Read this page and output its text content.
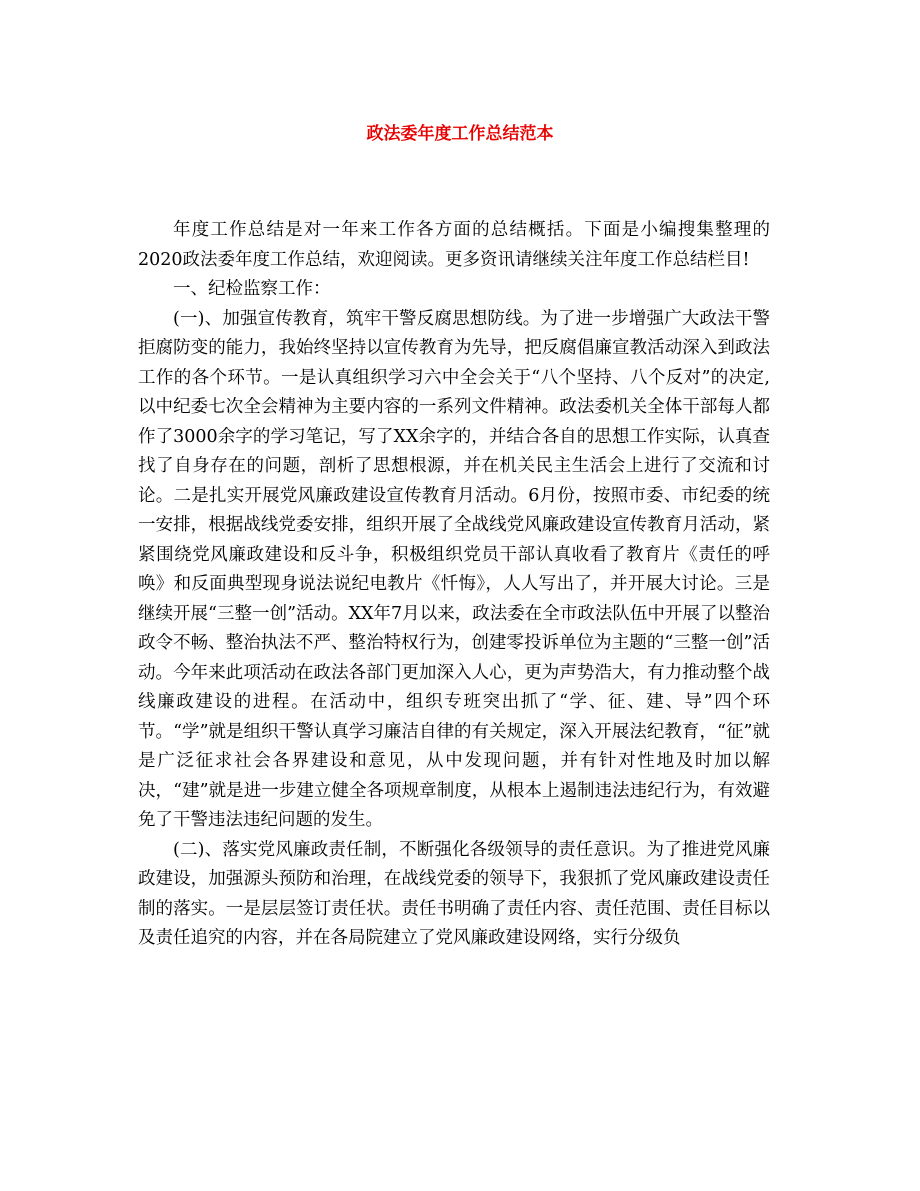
政法委年度工作总结范本

年度工作总结是对一年来工作各方面的总结概括。下面是小编搜集整理的2020政法委年度工作总结，欢迎阅读。更多资讯请继续关注年度工作总结栏目!

一、纪检监察工作：

(一)、加强宣传教育，筑牢干警反腐思想防线。为了进一步增强广大政法干警拒腐防变的能力，我始终坚持以宣传教育为先导，把反腐倡廉宣教活动深入到政法工作的各个环节。一是认真组织学习六中全会关于“八个坚持、八个反对”的决定,以中纪委七次全会精神为主要内容的一系列文件精神。政法委机关全体干部每人都作了3000余字的学习笔记，写了XX余字的，并结合各自的思想工作实际，认真查找了自身存在的问题，剖析了思想根源，并在机关民主生活会上进行了交流和讨论。二是扎实开展党风廉政建设宣传教育月活动。6月份，按照市委、市纪委的统一安排，根据战线党委安排，组织开展了全战线党风廉政建设宣传教育月活动，紧紧围绕党风廉政建设和反斗争，积极组织党员干部认真收看了教育片《责任的呼唤》和反面典型现身说法说纪电教片《忏悔》，人人写出了，并开展大讨论。三是继续开展“三整一创”活动。XX年7月以来，政法委在全市政法队伍中开展了以整治政令不畅、整治执法不严、整治特权行为，创建零投诉单位为主题的“三整一创”活动。今年来此项活动在政法各部门更加深入人心，更为声势浩大，有力推动整个战线廉政建设的进程。在活动中，组织专班突出抓了“学、征、建、导”四个环节。“学”就是组织干警认真学习廉洁自律的有关规定，深入开展法纪教育，“征”就是广泛征求社会各界建设和意见，从中发现问题，并有针对性地及时加以解决，“建”就是进一步建立健全各项规章制度，从根本上遏制违法违纪行为，有效避免了干警违法违纪问题的发生。

(二)、落实党风廉政责任制，不断强化各级领导的责任意识。为了推进党风廉政建设，加强源头预防和治理，在战线党委的领导下，我狠抓了党风廉政建设责任制的落实。一是层层签订责任状。责任书明确了责任内容、责任范围、责任目标以及责任追究的内容，并在各局院建立了党风廉政建设网络，实行分级负
